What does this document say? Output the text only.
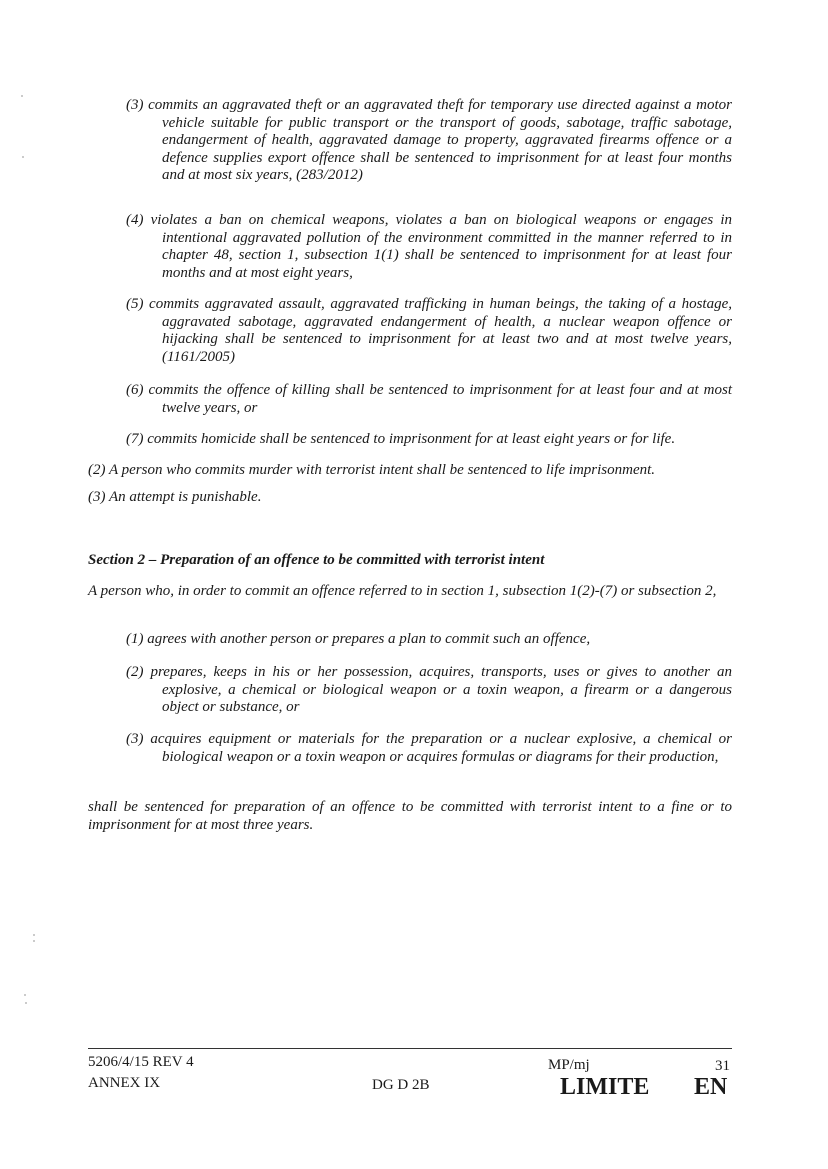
(3) commits an aggravated theft or an aggravated theft for temporary use directed against a motor vehicle suitable for public transport or the transport of goods, sabotage, traffic sabotage, endangerment of health, aggravated damage to property, aggravated firearms offence or a defence supplies export offence shall be sentenced to imprisonment for at least four months and at most six years, (283/2012)

(4) violates a ban on chemical weapons, violates a ban on biological weapons or engages in intentional aggravated pollution of the environment committed in the manner referred to in chapter 48, section 1, subsection 1(1) shall be sentenced to imprisonment for at least four months and at most eight years,

(5) commits aggravated assault, aggravated trafficking in human beings, the taking of a hostage, aggravated sabotage, aggravated endangerment of health, a nuclear weapon offence or hijacking shall be sentenced to imprisonment for at least two and at most twelve years, (1161/2005)

(6) commits the offence of killing shall be sentenced to imprisonment for at least four and at most twelve years, or

(7) commits homicide shall be sentenced to imprisonment for at least eight years or for life.

(2) A person who commits murder with terrorist intent shall be sentenced to life imprisonment.

(3) An attempt is punishable.

Section 2 – Preparation of an offence to be committed with terrorist intent

A person who, in order to commit an offence referred to in section 1, subsection 1(2)-(7) or subsection 2,

(1) agrees with another person or prepares a plan to commit such an offence,

(2) prepares, keeps in his or her possession, acquires, transports, uses or gives to another an explosive, a chemical or biological weapon or a toxin weapon, a firearm or a dangerous object or substance, or

(3) acquires equipment or materials for the preparation or a nuclear explosive, a chemical or biological weapon or a toxin weapon or acquires formulas or diagrams for their production,

shall be sentenced for preparation of an offence to be committed with terrorist intent to a fine or to imprisonment for at most three years.

5206/4/15 REV 4
ANNEX IX	DG D 2B
MP/mj	31
LIMITE EN
